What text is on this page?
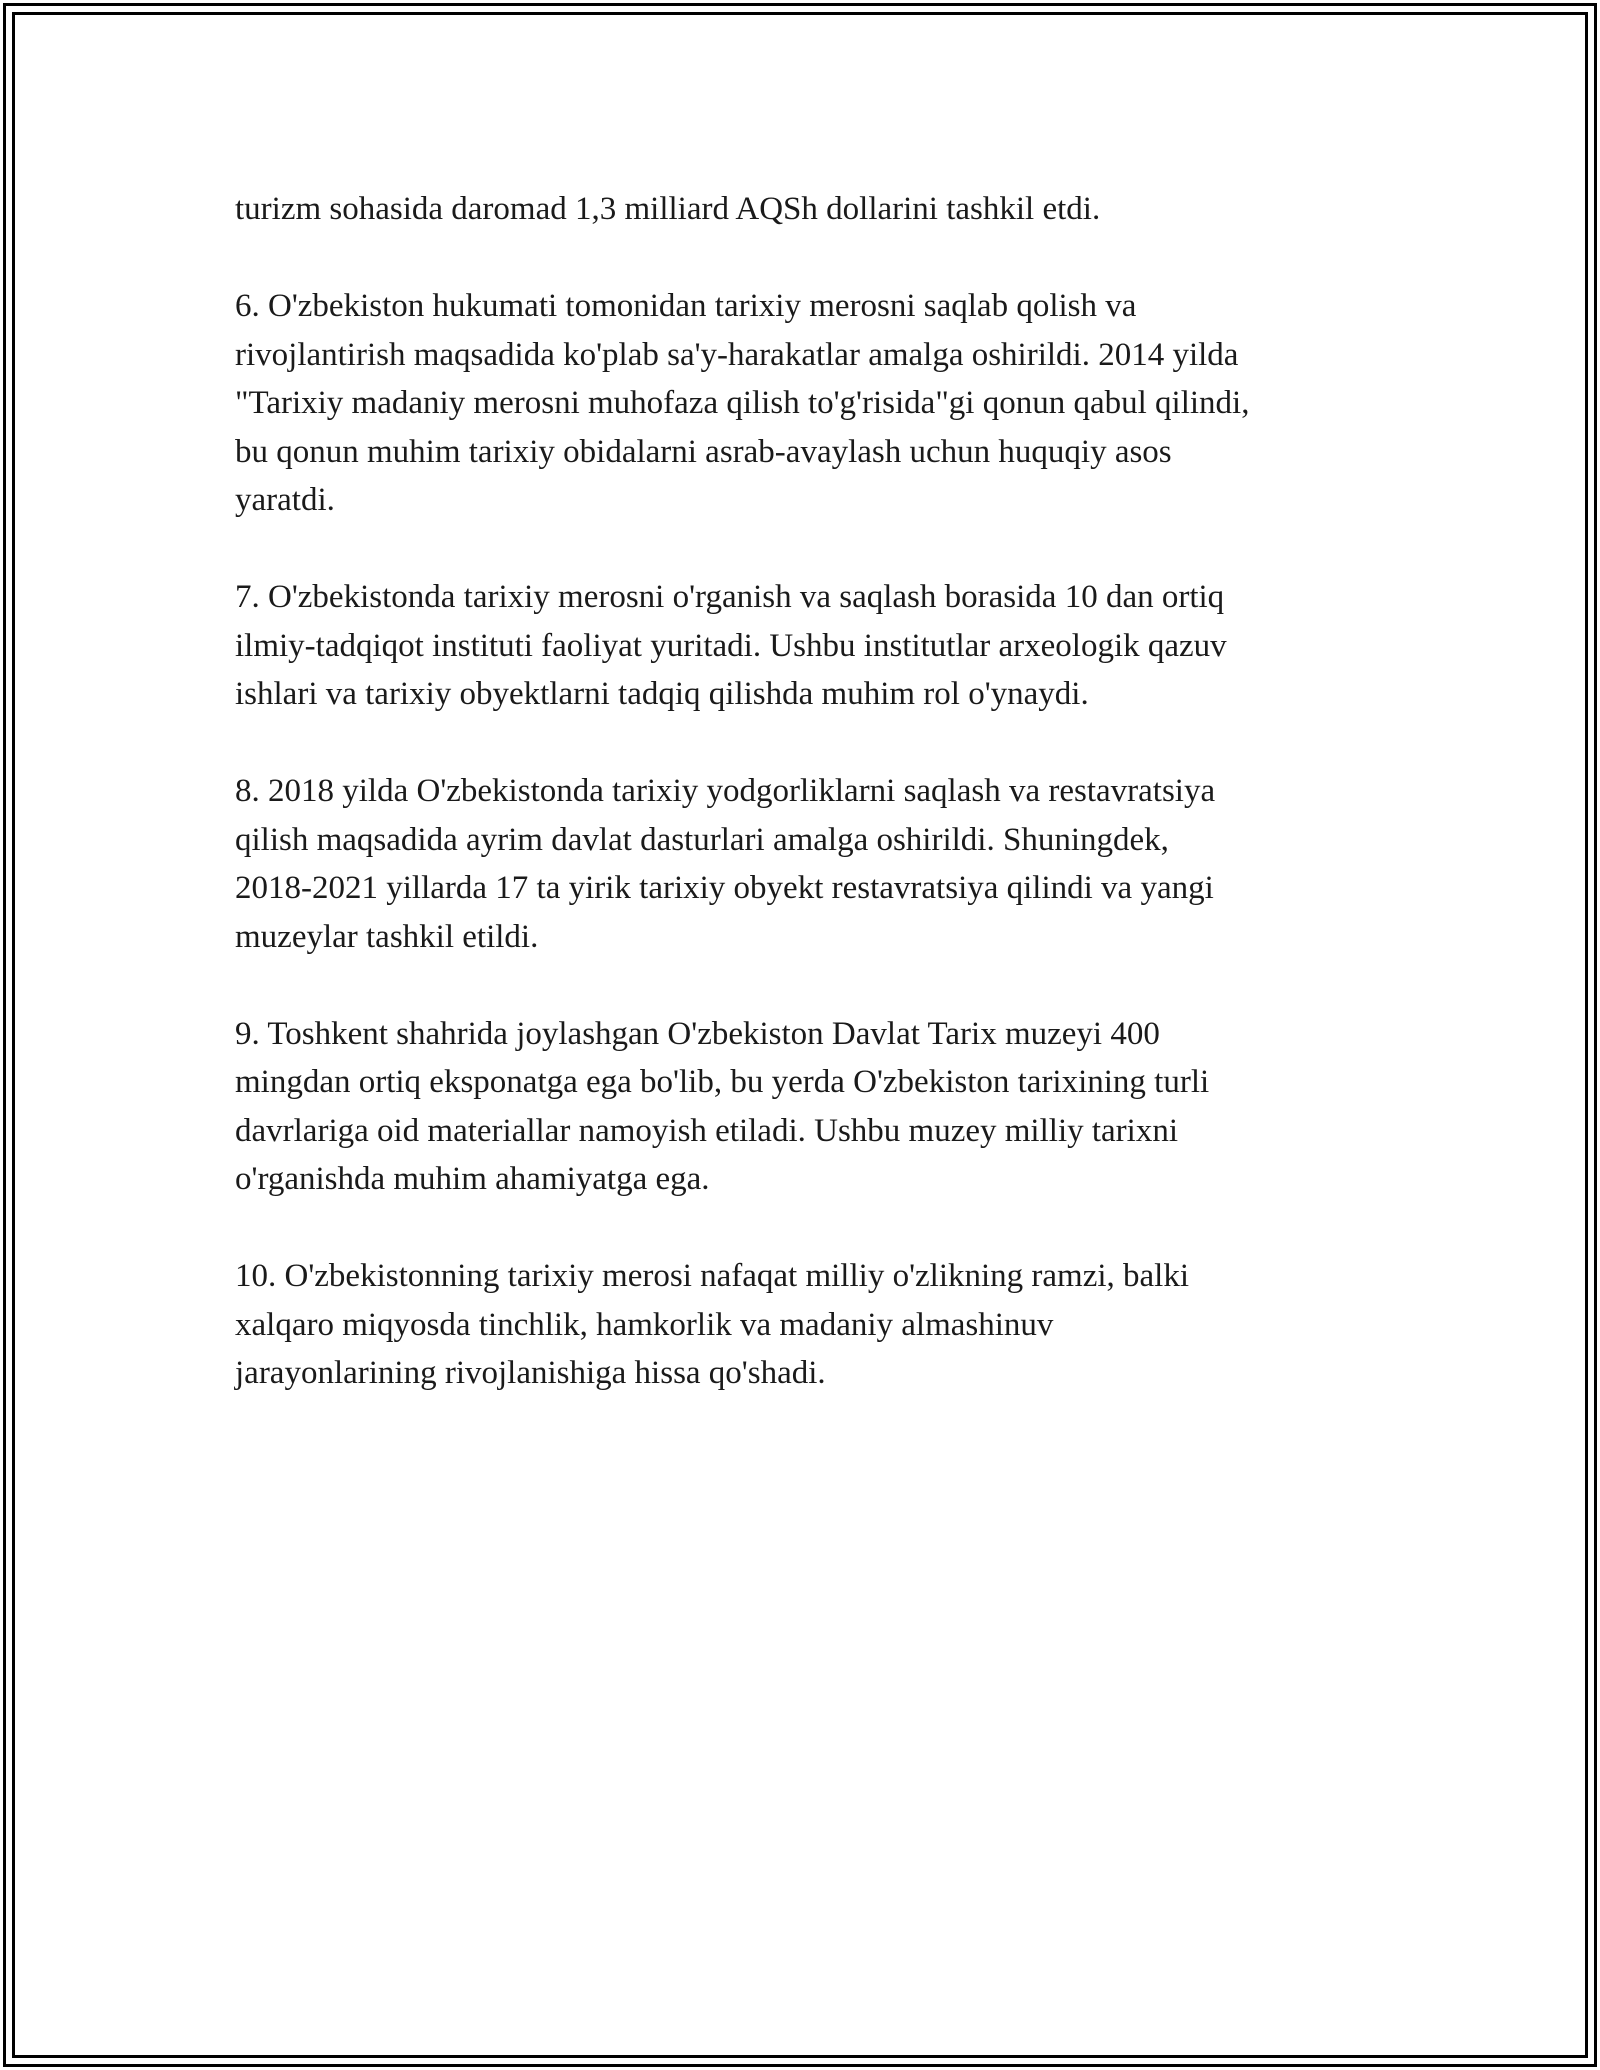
turizm sohasida daromad 1,3 milliard AQSh dollarini tashkil etdi.

6. O'zbekiston hukumati tomonidan tarixiy merosni saqlab qolish va
rivojlantirish maqsadida ko'plab sa'y-harakatlar amalga oshirildi. 2014 yilda
"Tarixiy madaniy merosni muhofaza qilish to'g'risida"gi qonun qabul qilindi,
bu qonun muhim tarixiy obidalarni asrab-avaylash uchun huquqiy asos
yaratdi.

7. O'zbekistonda tarixiy merosni o'rganish va saqlash borasida 10 dan ortiq
ilmiy-tadqiqot instituti faoliyat yuritadi. Ushbu institutlar arxeologik qazuv
ishlari va tarixiy obyektlarni tadqiq qilishda muhim rol o'ynaydi.

8. 2018 yilda O'zbekistonda tarixiy yodgorliklarni saqlash va restavratsiya
qilish maqsadida ayrim davlat dasturlari amalga oshirildi. Shuningdek,
2018-2021 yillarda 17 ta yirik tarixiy obyekt restavratsiya qilindi va yangi
muzeylar tashkil etildi.

9. Toshkent shahrida joylashgan O'zbekiston Davlat Tarix muzeyi 400
mingdan ortiq eksponatga ega bo'lib, bu yerda O'zbekiston tarixining turli
davrlariga oid materiallar namoyish etiladi. Ushbu muzey milliy tarixni
o'rganishda muhim ahamiyatga ega.

10. O'zbekistonning tarixiy merosi nafaqat milliy o'zlikning ramzi, balki
xalqaro miqyosda tinchlik, hamkorlik va madaniy almashinuv
jarayonlarining rivojlanishiga hissa qo'shadi.
